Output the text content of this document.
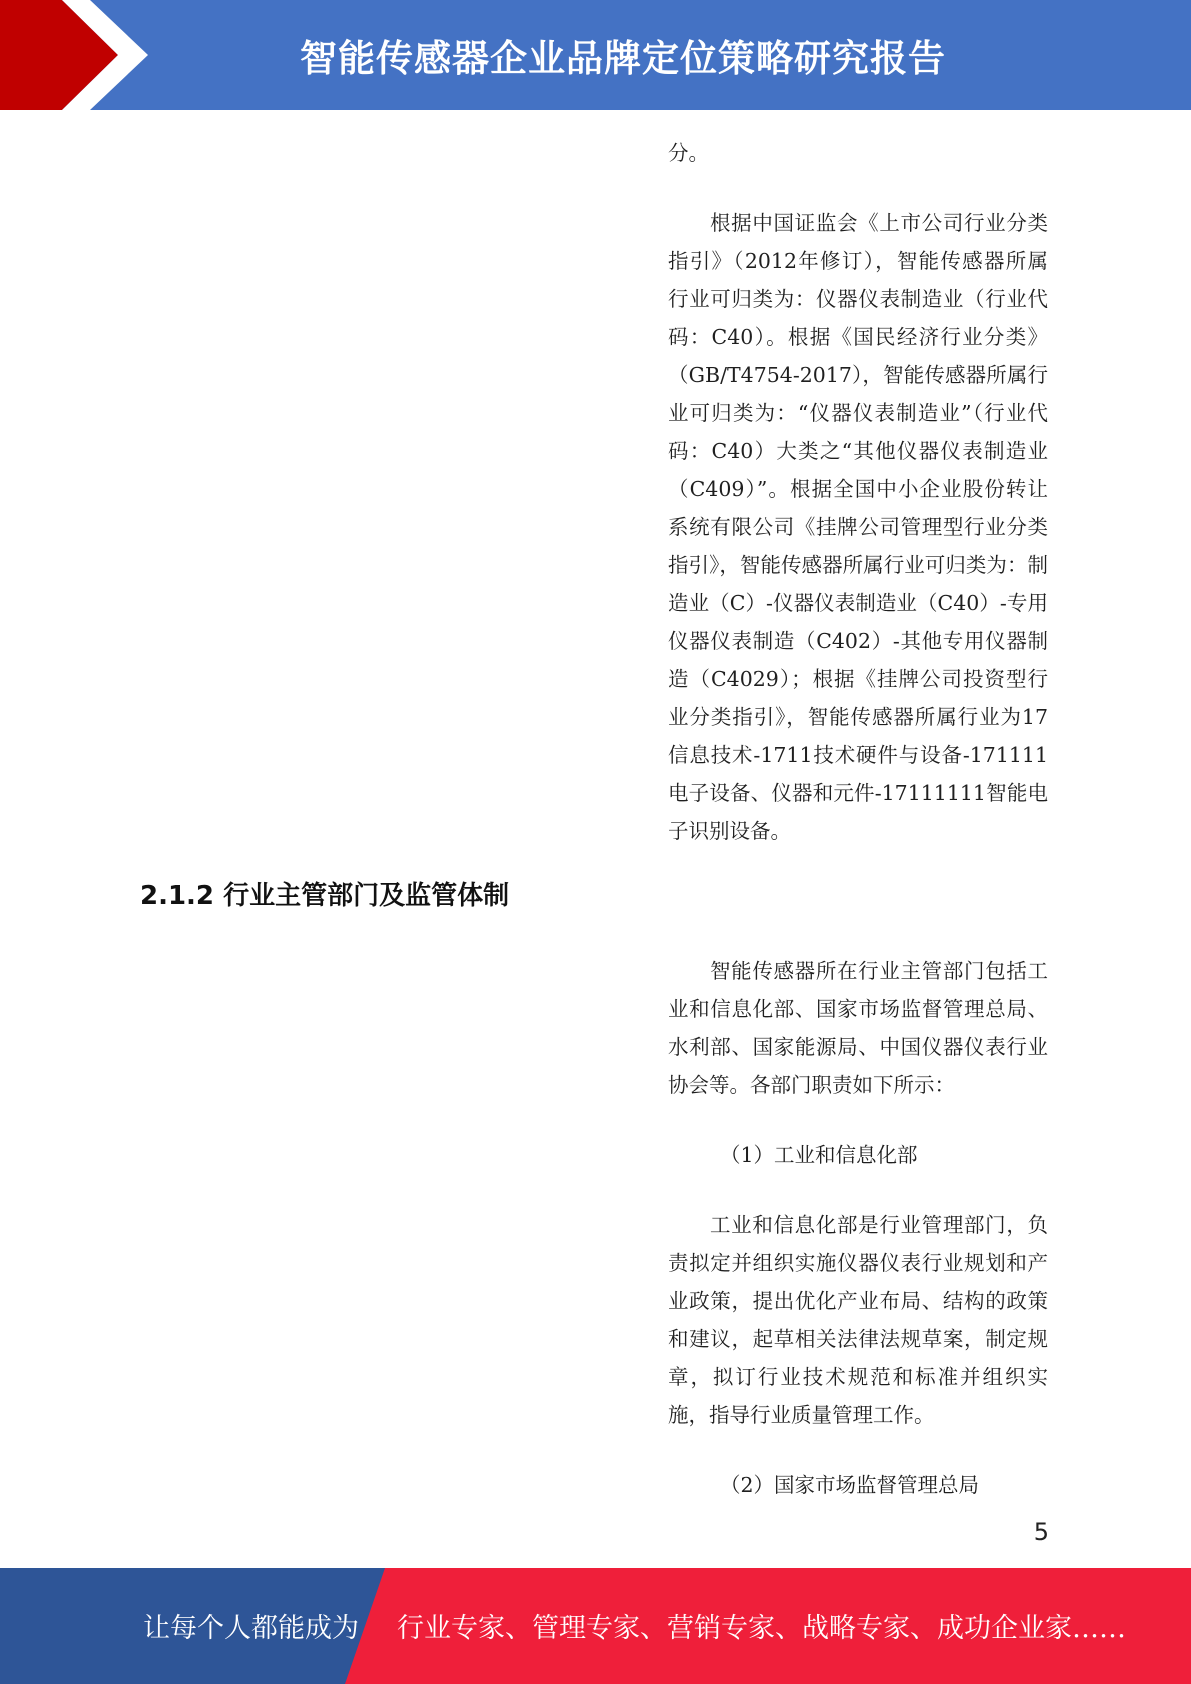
智能传感器企业品牌定位策略研究报告

分。

根据中国证监会《上市公司行业分类指引》（2012年修订），智能传感器所属行业可归类为：仪器仪表制造业（行业代码：C40）。根据《国民经济行业分类》（GB/T4754-2017），智能传感器所属行业可归类为：“仪器仪表制造业”（行业代码：C40）大类之“其他仪器仪表制造业（C409）”。根据全国中小企业股份转让系统有限公司《挂牌公司管理型行业分类指引》，智能传感器所属行业可归类为：制造业（C）-仪器仪表制造业（C40）-专用仪器仪表制造（C402）-其他专用仪器制造（C4029）；根据《挂牌公司投资型行业分类指引》，智能传感器所属行业为17信息技术-1711技术硬件与设备-171111电子设备、仪器和元件-17111111智能电子识别设备。

2.1.2 行业主管部门及监管体制

智能传感器所在行业主管部门包括工业和信息化部、国家市场监督管理总局、水利部、国家能源局、中国仪器仪表行业协会等。各部门职责如下所示：

（1）工业和信息化部

工业和信息化部是行业管理部门，负责拟定并组织实施仪器仪表行业规划和产业政策，提出优化产业布局、结构的政策和建议，起草相关法律法规草案，制定规章，拟订行业技术规范和标准并组织实施，指导行业质量管理工作。

（2）国家市场监督管理总局

5
让每个人都能成为 行业专家、管理专家、营销专家、战略专家、成功企业家……
